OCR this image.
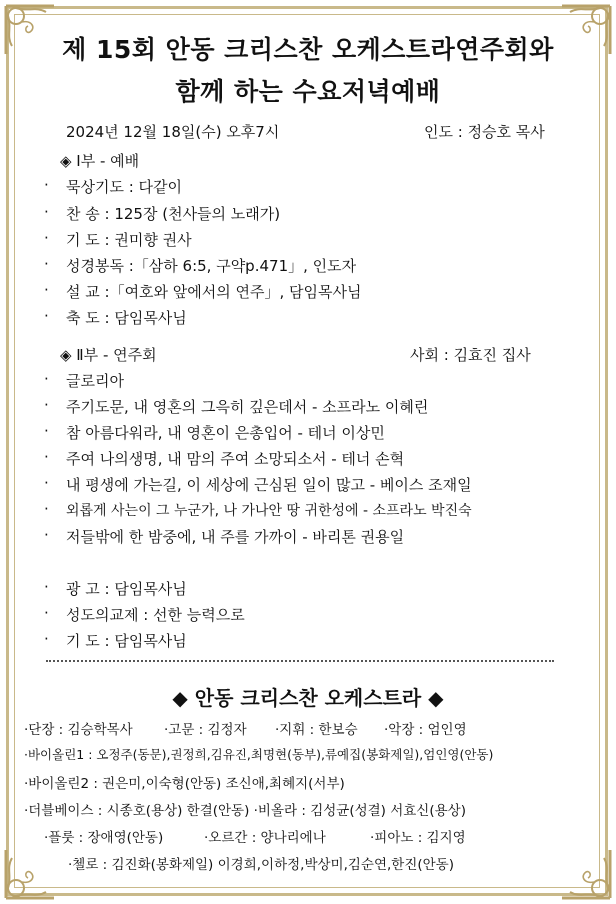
제 15회 안동 크리스찬 오케스트라연주회와
함께 하는 수요저녁예배
2024년 12월 18일(수) 오후7시	인도 : 정승호 목사
◈ Ⅰ부 - 예배
· 묵상기도 : 다같이
· 찬 송 : 125장 (천사들의 노래가)
· 기 도 : 권미향 권사
· 성경봉독 :「삼하 6:5, 구약p.471」, 인도자
· 설 교 :「여호와 앞에서의 연주」, 담임목사님
· 축 도 : 담임목사님
◈ Ⅱ부 - 연주회	사회 : 김효진 집사
· 글로리아
· 주기도문, 내 영혼의 그윽히 깊은데서 - 소프라노 이혜린
· 참 아름다워라, 내 영혼이 은총입어 - 테너 이상민
· 주여 나의생명, 내 맘의 주여 소망되소서 - 테너 손혁
· 내 평생에 가는길, 이 세상에 근심된 일이 많고 - 베이스 조재일
· 외롭게 사는이 그 누군가, 나 가나안 땅 귀한성에 - 소프라노 박진숙
· 저들밖에 한 밤중에, 내 주를 가까이 - 바리톤 권용일
· 광 고 : 담임목사님
· 성도의교제 : 선한 능력으로
· 기 도 : 담임목사님
◆ 안동 크리스찬 오케스트라 ◆
·단장 : 김승학목사 ·고문 : 김정자 ·지휘 : 한보승 ·악장 : 엄인영
·바이올린1 : 오정주(동문),권정희,김유진,최명현(동부),류예집(봉화제일),엄인영(안동)
·바이올린2 : 권은미,이숙형(안동) 조신애,최혜지(서부)
·더블베이스 : 시종호(용상) 한결(안동) ·비올라 : 김성균(성결) 서효신(용상)
·플룻 : 장애영(안동)	·오르간 : 양나리에나	·피아노 : 김지영
·첼로 : 김진화(봉화제일) 이경희,이하정,박상미,김순연,한진(안동)
